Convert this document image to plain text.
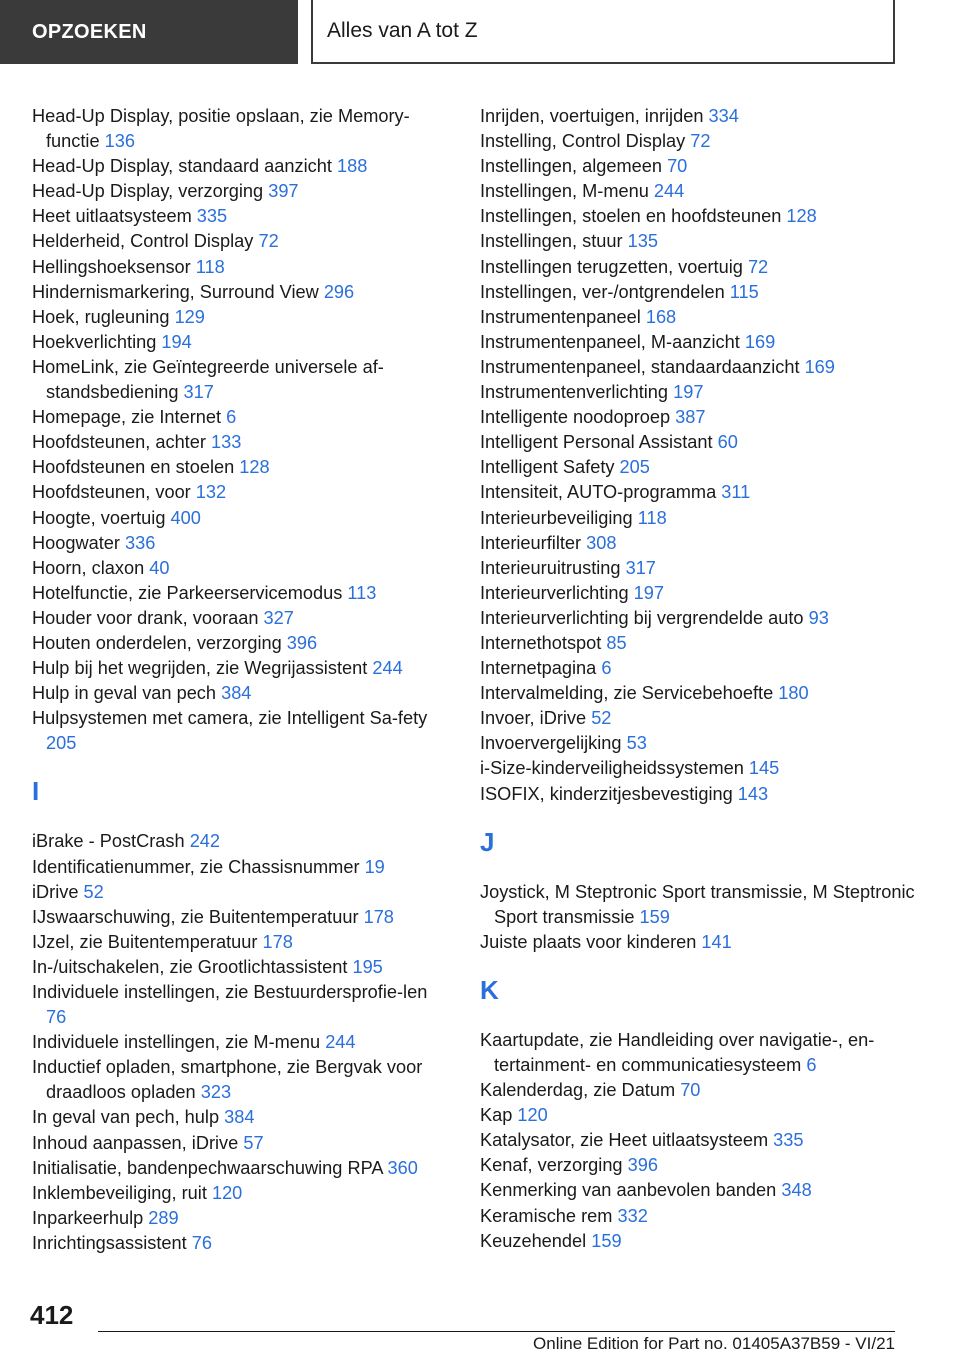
OPZOEKEN	Alles van A tot Z
Head-Up Display, positie opslaan, zie Memory-functie 136
Head-Up Display, standaard aanzicht 188
Head-Up Display, verzorging 397
Heet uitlaatsysteem 335
Helderheid, Control Display 72
Hellingshoeksensor 118
Hindernismarkering, Surround View 296
Hoek, rugleuning 129
Hoekverlichting 194
HomeLink, zie Geïntegreerde universele af-standsbediening 317
Homepage, zie Internet 6
Hoofdsteunen, achter 133
Hoofdsteunen en stoelen 128
Hoofdsteunen, voor 132
Hoogte, voertuig 400
Hoogwater 336
Hoorn, claxon 40
Hotelfunctie, zie Parkeerservicemodus 113
Houder voor drank, vooraan 327
Houten onderdelen, verzorging 396
Hulp bij het wegrijden, zie Wegrijassistent 244
Hulp in geval van pech 384
Hulpsystemen met camera, zie Intelligent Sa-fety 205
I
iBrake - PostCrash 242
Identificatienummer, zie Chassisnummer 19
iDrive 52
IJswaarschuwing, zie Buitentemperatuur 178
IJzel, zie Buitentemperatuur 178
In-/uitschakelen, zie Grootlichtassistent 195
Individuele instellingen, zie Bestuurdersprofie-len 76
Individuele instellingen, zie M-menu 244
Inductief opladen, smartphone, zie Bergvak voor draadloos opladen 323
In geval van pech, hulp 384
Inhoud aanpassen, iDrive 57
Initialisatie, bandenpechwaarschuwing RPA 360
Inklembeveiliging, ruit 120
Inparkeerhulp 289
Inrichtingsassistent 76
Inrijden, voertuigen, inrijden 334
Instelling, Control Display 72
Instellingen, algemeen 70
Instellingen, M-menu 244
Instellingen, stoelen en hoofdsteunen 128
Instellingen, stuur 135
Instellingen terugzetten, voertuig 72
Instellingen, ver-/ontgrendelen 115
Instrumentenpaneel 168
Instrumentenpaneel, M-aanzicht 169
Instrumentenpaneel, standaardaanzicht 169
Instrumentenverlichting 197
Intelligente noodoproep 387
Intelligent Personal Assistant 60
Intelligent Safety 205
Intensiteit, AUTO-programma 311
Interieurbeveiliging 118
Interieurfilter 308
Interieuruitrusting 317
Interieurverlichting 197
Interieurverlichting bij vergrendelde auto 93
Internethotspot 85
Internetpagina 6
Intervalmelding, zie Servicebehoefte 180
Invoer, iDrive 52
Invoervergelijking 53
i-Size-kinderveiligheidssystemen 145
ISOFIX, kinderzitjesbevestiging 143
J
Joystick, M Steptronic Sport transmissie, M Steptronic Sport transmissie 159
Juiste plaats voor kinderen 141
K
Kaartupdate, zie Handleiding over navigatie-, en-tertainment- en communicatiesysteem 6
Kalenderdag, zie Datum 70
Kap 120
Katalysator, zie Heet uitlaatsysteem 335
Kenaf, verzorging 396
Kenmerking van aanbevolen banden 348
Keramische rem 332
Keuzehendel 159
412
Online Edition for Part no. 01405A37B59 - VI/21
